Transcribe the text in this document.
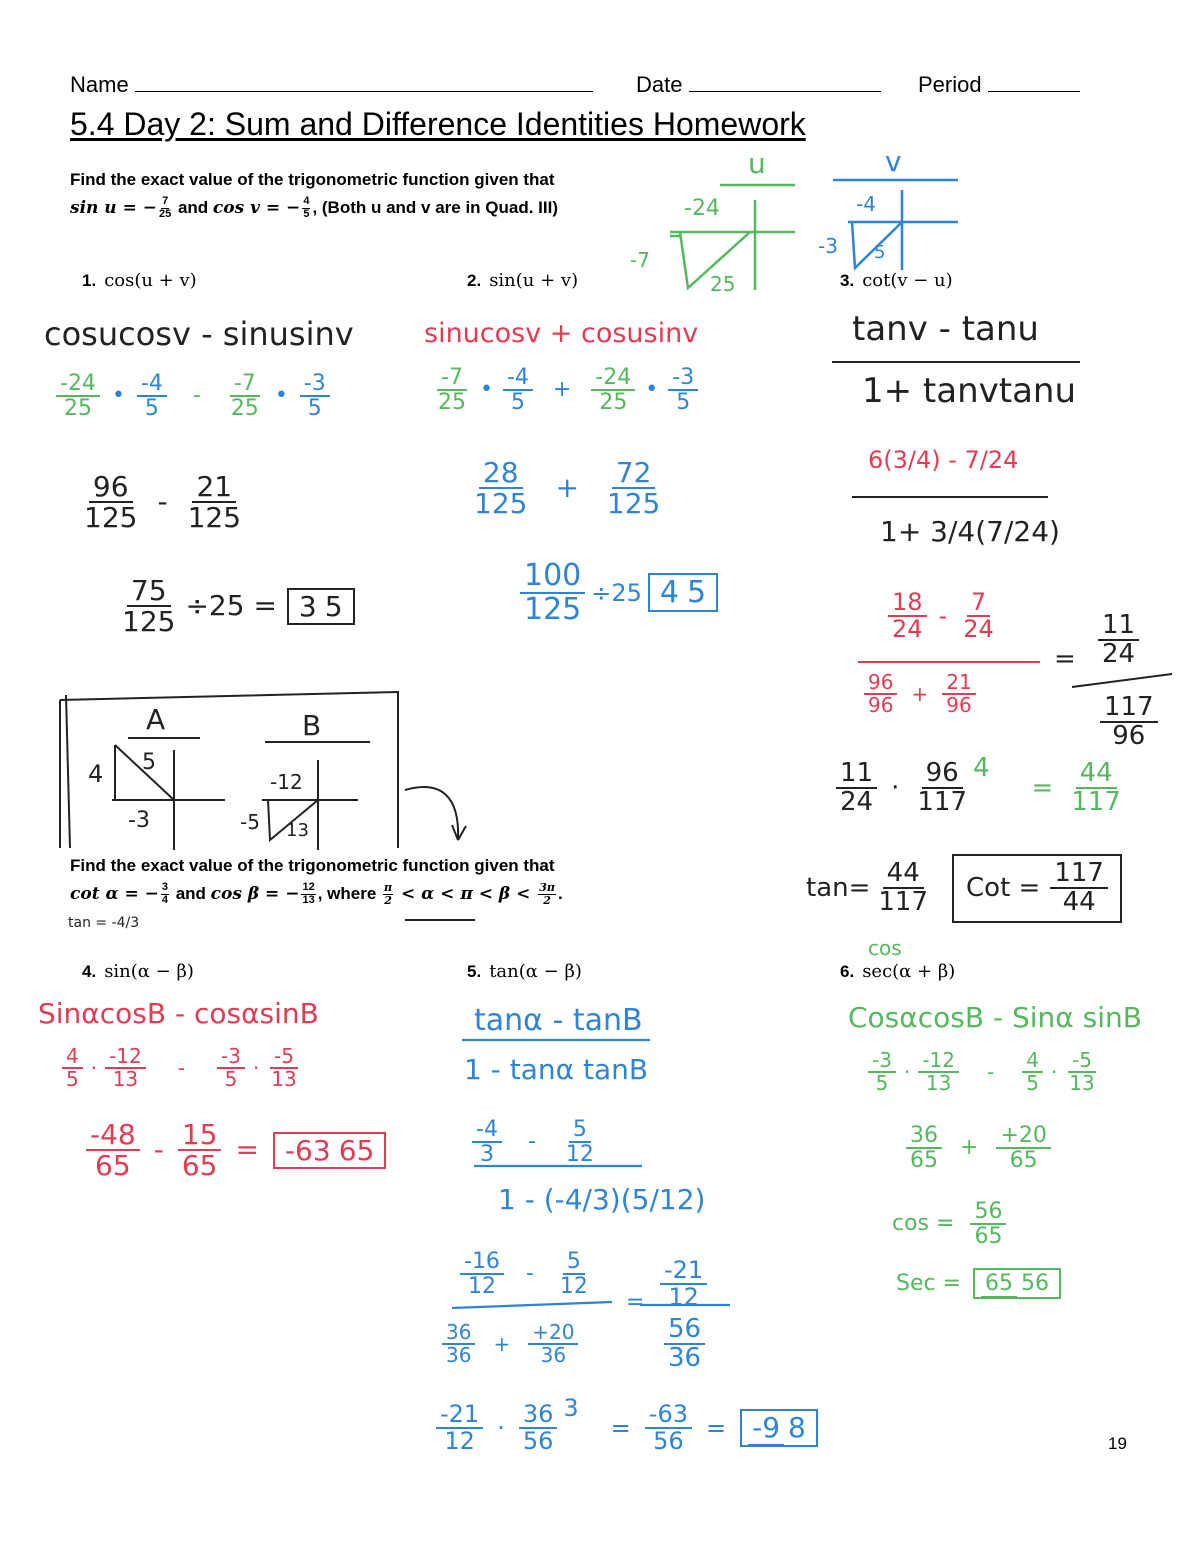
Name	Date	Period
5.4 Day 2: Sum and Difference Identities Homework
Find the exact value of the trigonometric function given that
sin u = − $\frac{7}{25}$ and cos v = − $\frac{4}{5}$ , (Both u and v are in Quad. III)
1. cos(u + v)	2. sin(u + v)	3. cot(v − u)
u
-24
-7
25
v
-4
-3 5
cosucosv - sinusinv
$\frac{-24}{25}$ • $\frac{-4}{5} - \frac{-7}{25}$ • $\frac{-3}{5}$
$\frac{96}{125} - \frac{21}{125}$
$\frac{75}{125} \div 25 = 3$ 5
sinucosv + cosusinv
$\frac{-7}{25}$ • $\frac{-4}{5} + \frac{-24}{25}$ • $\frac{-3}{5}$
$\frac{28}{125} + \frac{72}{125}$
$\frac{100}{125} \div 25$ 4 5
tanv - tanu
1+ tanvtanu
6(3/4) - 7/24
1+ 3/4(7/24)
$\frac{18}{24} - \frac{7}{24}$
$\frac{96}{96} + \frac{21}{96}$
= $\frac{11}{24}$
$\frac{117}{96}$
$\frac{11}{24} \cdot \frac{96}{117} 4$
= $\frac{44}{117}$
$\tan= \frac{44}{117}$ Cot = $\frac{117}{44}$
A
4 5
-3
B
-12
-5 13
Find the exact value of the trigonometric function given that
cot α = − $\frac{3}{4}$ and cos β = − $\frac{12}{13}$ , where $\frac{\pi}{2} < \alpha < \pi < \beta < \frac{3\pi}{2}$ .
tan = -4/3
4. sin(α − β)	5. tan(α − β)	6. sec(α + β)
cos
SinαcosB - cosαsinB
$\frac{4}{5} \cdot \frac{-12}{13} - \frac{-3}{5} \cdot \frac{-5}{13}$
$\frac{-48}{65} - \frac{15}{65} = -63$ 65
tanα - tanB
1 - tanα tanB
$\frac{-4}{3} - \frac{5}{12}$
1 - (-4/3)(5/12)
$\frac{-16}{12} - \frac{5}{12}$
$\frac{36}{36} + \frac{+20}{36}$
= $\frac{-21}{12}$
$\frac{56}{36}$
$\frac{-21}{12} \cdot \frac{36}{56} 3$
= $\frac{-63}{56} = -9$ 8
CosαcosB - Sinα sinB
$\frac{-3}{5} \cdot \frac{-12}{13} - \frac{4}{5} \cdot \frac{-5}{13}$
$\frac{36}{65} + \frac{+20}{65}$
$\cos = \frac{56}{65}$
Sec =	65 56
19
